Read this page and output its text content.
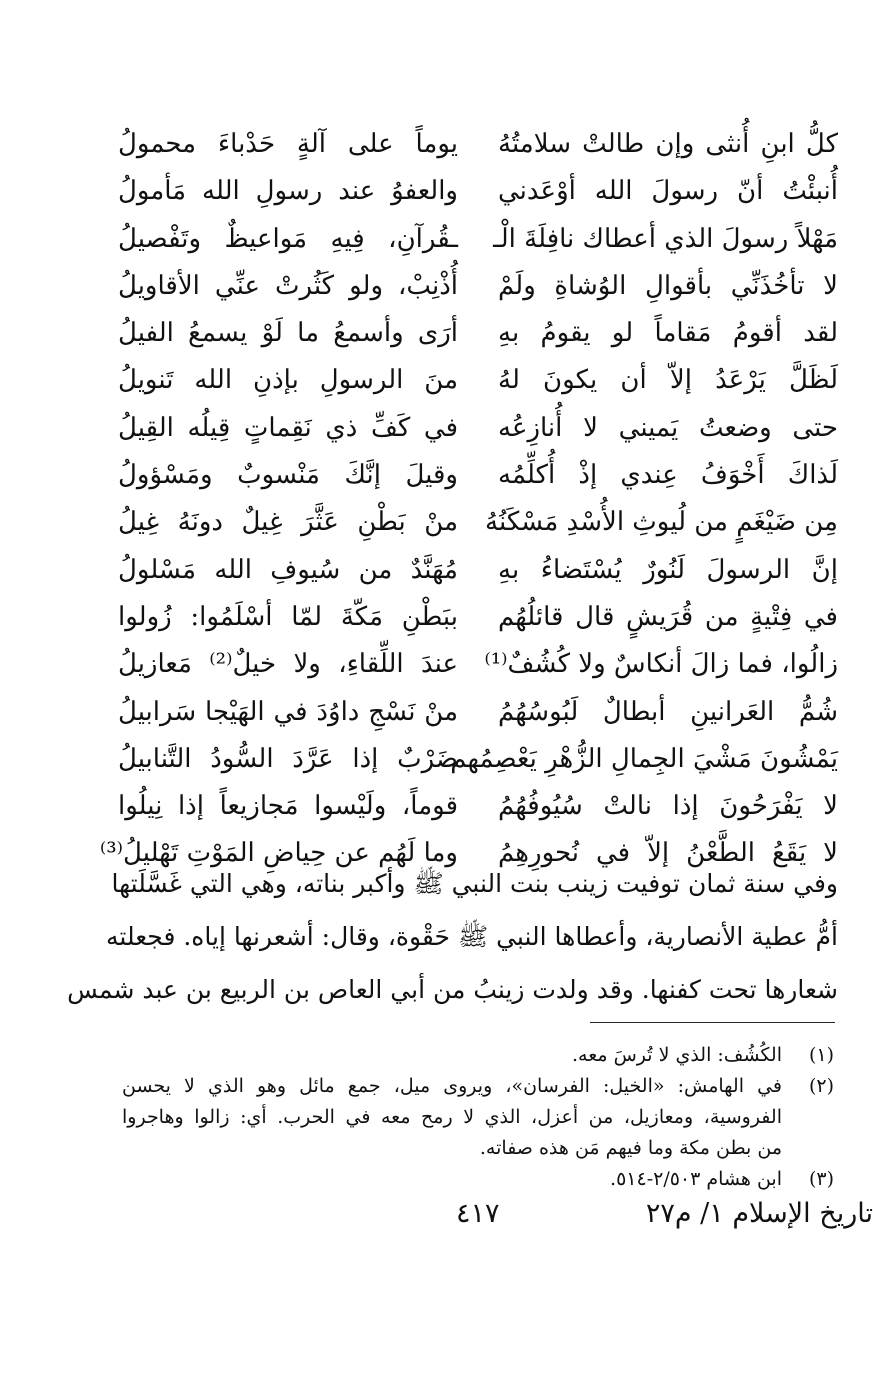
كلُّ ابنِ أُنثى وإن طالتْ سلامتُهُ
يوماً على آلةٍ حَدْباءَ محمولُ
أُنبئْتُ أنّ رسولَ الله أوْعَدني
والعفوُ عند رسولِ الله مَأمولُ
مَهْلاً رسولَ الذي أعطاك نافِلَةَ الْـ
ـقُرآنِ، فِيهِ مَواعيظٌ وتَفْصيلُ
لا تأخُذَنِّي بأقوالِ الوُشاةِ ولَمْ
أُذْنِبْ، ولو كَثُرتْ عنِّي الأقاويلُ
لقد أقومُ مَقاماً لو يقومُ بهِ
أرَى وأسمعُ ما لَوْ يسمعُ الفيلُ
لَظَلَّ يَرْعَدُ إلاّ أن يكونَ لهُ
منَ الرسولِ بإذنِ الله تَنويلُ
حتى وضعتُ يَميني لا أُنازِعُه
في كَفِّ ذي نَقِماتٍ قِيلُه القِيلُ
لَذاكَ أَخْوَفُ عِندي إذْ أُكلِّمُه
وقيلَ إنَّكَ مَنْسوبٌ ومَسْؤولُ
مِن ضَيْغَمٍ من لُيوثِ الأُسْدِ مَسْكَنُهُ
منْ بَطْنِ عَثَّرَ غِيلٌ دونَهُ غِيلُ
إنَّ الرسولَ لَنُورٌ يُسْتَضاءُ بهِ
مُهَنَّدٌ من سُيوفِ الله مَسْلولُ
في فِتْيةٍ من قُرَيشٍ قال قائلُهُم
ببَطْنِ مَكّةَ لمّا أسْلَمُوا: زُولوا
زالُوا، فما زالَ أنكاسٌ ولا كُشُفٌ⁽¹⁾
عندَ اللِّقاءِ، ولا خيلٌ⁽²⁾ مَعازيلُ
شُمُّ العَرانينِ أبطالٌ لَبُوسُهُمُ
منْ نَسْجِ داوُدَ في الهَيْجا سَرابيلُ
يَمْشُونَ مَشْيَ الجِمالِ الزُّهْرِ يَعْصِمُهم
ضَرْبٌ إذا عَرَّدَ السُّودُ التَّنابيلُ
لا يَفْرَحُونَ إذا نالتْ سُيُوفُهُمُ
قوماً، ولَيْسوا مَجازيعاً إذا نِيلُوا
لا يَقَعُ الطَّعْنُ إلاّ في نُحورِهِمُ
وما لَهُم عن حِياضِ المَوْتِ تَهْليلُ⁽³⁾
وفي سنة ثمان توفيت زينب بنت النبي ﷺ وأكبر بناته، وهي التي غَسَّلَتها
أمُّ عطية الأنصارية، وأعطاها النبي ﷺ حَقْوة، وقال: أشعرنها إياه. فجعلته
شعارها تحت كفنها. وقد ولدت زينبُ من أبي العاص بن الربيع بن عبد شمس
(١)
الكُشُف: الذي لا تُرسَ معه.
(٢)
في الهامش: «الخيل: الفرسان»، ويروى ميل، جمع مائل وهو الذي لا يحسن
الفروسية، ومعازيل، من أعزل، الذي لا رمح معه في الحرب. أي: زالوا وهاجروا
من بطن مكة وما فيهم مَن هذه صفاته.
(٣)
ابن هشام ٢/٥٠٣-٥١٤.
تاريخ الإسلام ١/ م٢٧
٤١٧
